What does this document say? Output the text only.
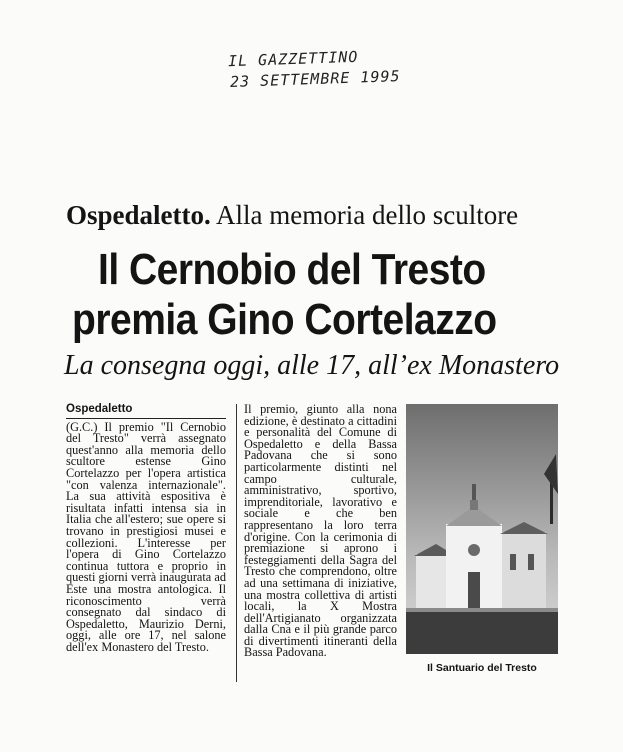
IL GAZZETTINO
23 SETTEMBRE 1995
Ospedaletto. Alla memoria dello scultore
Il Cernobio del Tresto
premia Gino Cortelazzo
La consegna oggi, alle 17, all’ex Monastero
Ospedaletto

(G.C.) Il premio "Il Cernobio del Tresto" verrà assegnato quest'anno alla memoria dello scultore estense Gino Cortelazzo per l'opera artistica "con valenza internazionale". La sua attività espositiva è risultata infatti intensa sia in Italia che all'estero; sue opere si trovano in prestigiosi musei e collezioni. L'interesse per l'opera di Gino Cortelazzo continua tuttora e proprio in questi giorni verrà inaugurata ad Este una mostra antologica. Il riconoscimento verrà consegnato dal sindaco di Ospedaletto, Maurizio Derni, oggi, alle ore 17, nel salone dell'ex Monastero del Tresto.

Il premio, giunto alla nona edizione, è destinato a cittadini e personalità del Comune di Ospedaletto e della Bassa Padovana che si sono particolarmente distinti nel campo culturale, amministrativo, sportivo, imprenditoriale, lavorativo e sociale e che ben rappresentano la loro terra d'origine. Con la cerimonia di premiazione si aprono i festeggiamenti della Sagra del Tresto che comprendono, oltre ad una settimana di iniziative, una mostra collettiva di artisti locali, la X Mostra dell'Artigianato organizzata dalla Cna e il più grande parco di divertimenti itineranti della Bassa Padovana.

Il Santuario del Tresto
